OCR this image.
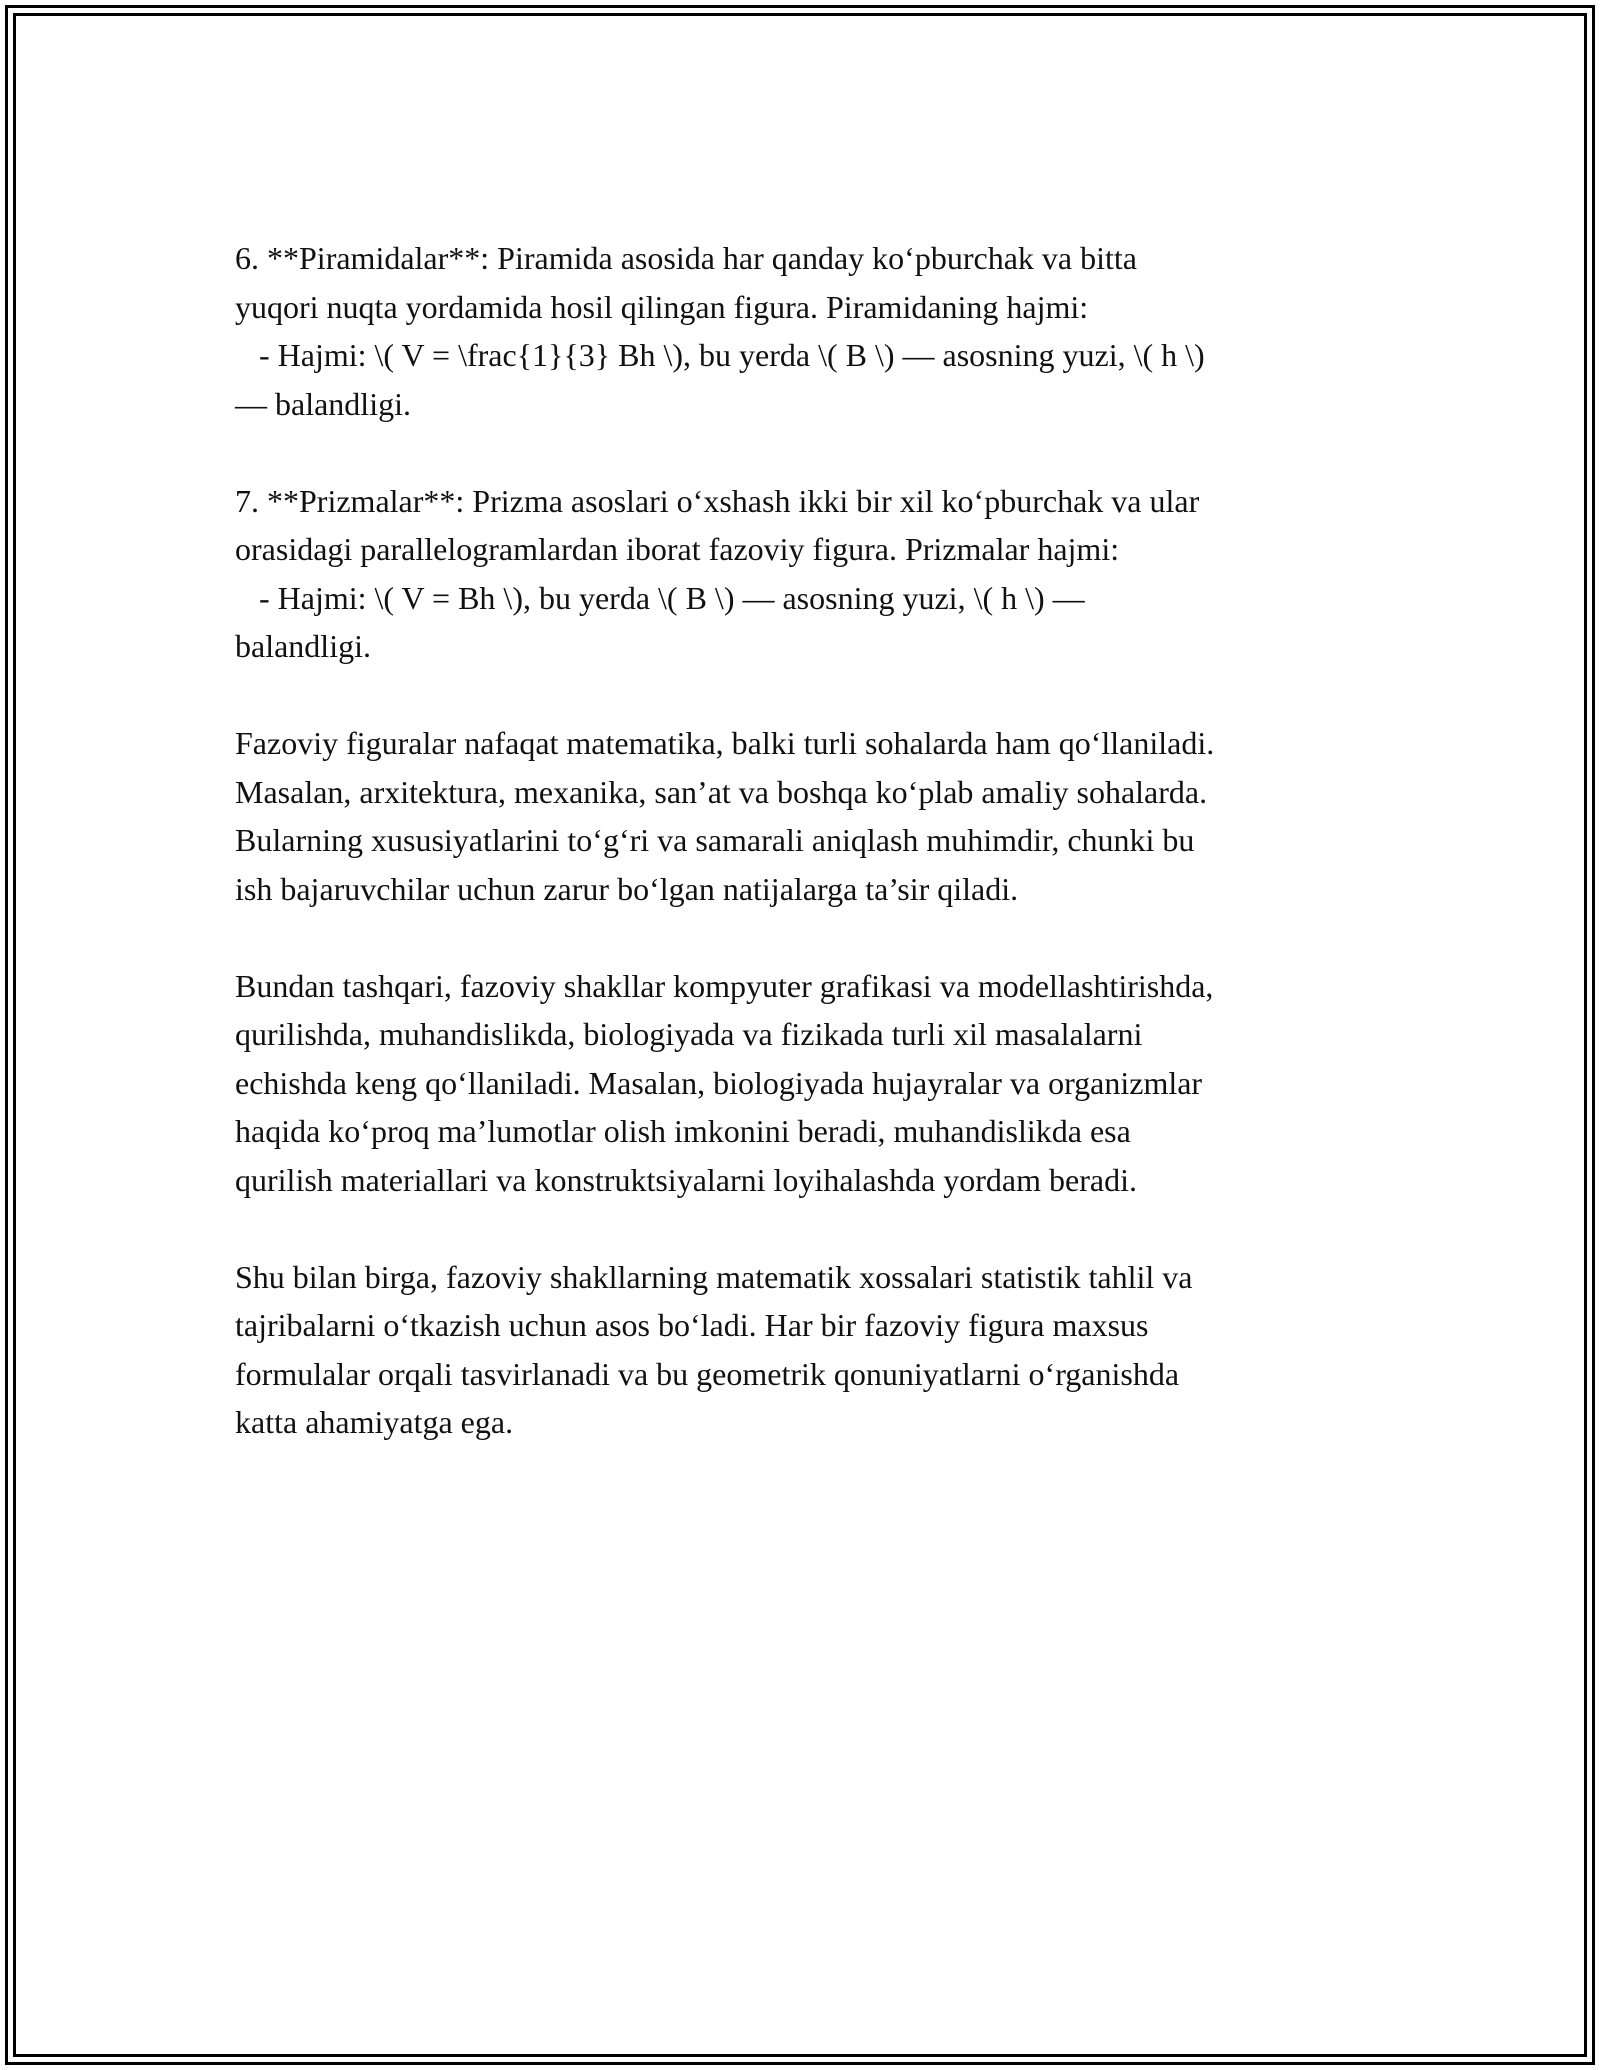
6. **Piramidalar**: Piramida asosida har qanday koʻpburchak va bitta
yuqori nuqta yordamida hosil qilingan figura. Piramidaning hajmi:
- Hajmi: \( V = \frac{1}{3} Bh \), bu yerda \( B \) — asosning yuzi, \( h \)
— balandligi.

7. **Prizmalar**: Prizma asoslari oʻxshash ikki bir xil koʻpburchak va ular
orasidagi parallelogramlardan iborat fazoviy figura. Prizmalar hajmi:
- Hajmi: \( V = Bh \), bu yerda \( B \) — asosning yuzi, \( h \) —
balandligi.

Fazoviy figuralar nafaqat matematika, balki turli sohalarda ham qoʻllaniladi.
Masalan, arxitektura, mexanika, san’at va boshqa koʻplab amaliy sohalarda.
Bularning xususiyatlarini toʻgʻri va samarali aniqlash muhimdir, chunki bu
ish bajaruvchilar uchun zarur boʻlgan natijalarga ta’sir qiladi.

Bundan tashqari, fazoviy shakllar kompyuter grafikasi va modellashtirishda,
qurilishda, muhandislikda, biologiyada va fizikada turli xil masalalarni
echishda keng qoʻllaniladi. Masalan, biologiyada hujayralar va organizmlar
haqida koʻproq ma’lumotlar olish imkonini beradi, muhandislikda esa
qurilish materiallari va konstruktsiyalarni loyihalashda yordam beradi.

Shu bilan birga, fazoviy shakllarning matematik xossalari statistik tahlil va
tajribalarni oʻtkazish uchun asos boʻladi. Har bir fazoviy figura maxsus
formulalar orqali tasvirlanadi va bu geometrik qonuniyatlarni oʻrganishda
katta ahamiyatga ega.
